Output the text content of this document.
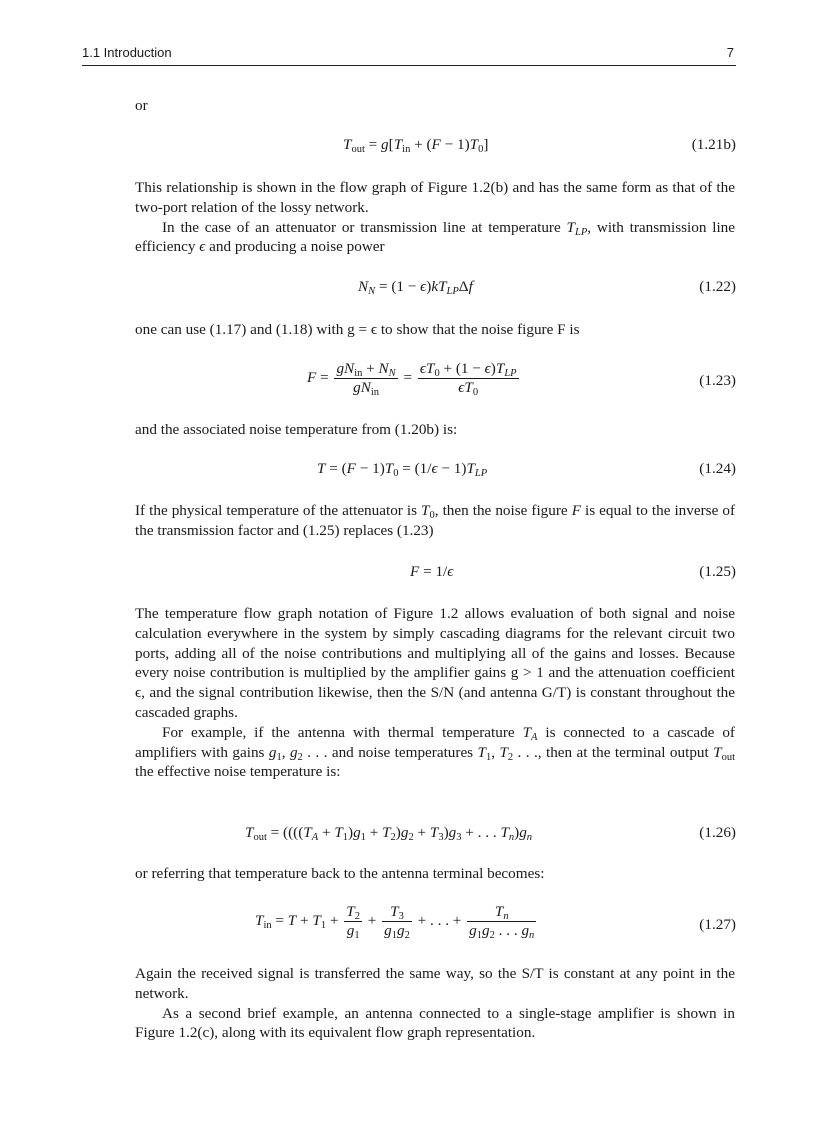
1.1 Introduction	7

or

$T_{out} = g[T_{in} + (F - 1)T_0]$	(1.21b)

This relationship is shown in the flow graph of Figure 1.2(b) and has the same form as that of the two-port relation of the lossy network.

In the case of an attenuator or transmission line at temperature $T_{LP}$, with transmission line efficiency ϵ and producing a noise power

$N_N = (1 - \epsilon)kT_{LP}\Delta f$	(1.22)

one can use (1.17) and (1.18) with g = ϵ to show that the noise figure F is

$F = \frac{gN_{in} + N_N}{gN_{in}} = \frac{\epsilon T_0 + (1 - \epsilon)T_{LP}}{\epsilon T_0}$	(1.23)

and the associated noise temperature from (1.20b) is:

$T = (F - 1)T_0 = (1/\epsilon - 1)T_{LP}$	(1.24)

If the physical temperature of the attenuator is $T_0$, then the noise figure F is equal to the inverse of the transmission factor and (1.25) replaces (1.23)

F = 1/ϵ	(1.25)

The temperature flow graph notation of Figure 1.2 allows evaluation of both signal and noise calculation everywhere in the system by simply cascading diagrams for the relevant circuit two ports, adding all of the noise contributions and multiplying all of the gains and losses. Because every noise contribution is multiplied by the amplifier gains g > 1 and the attenuation coefficient ϵ, and the signal contribution likewise, then the S/N (and antenna G/T) is constant throughout the cascaded graphs.

For example, if the antenna with thermal temperature $T_A$ is connected to a cascade of amplifiers with gains $g_1$, $g_2$ . . . and noise temperatures $T_1$, $T_2$ . . ., then at the terminal output $T_{out}$ the effective noise temperature is:

$T_{out} = ((((T_A + T_1)g_1 + T_2)g_2 + T_3)g_3$ + . . . $T_n)g_n$	(1.26)

or referring that temperature back to the antenna terminal becomes:

$T_{in} = T + T_1 + \frac{T_2}{g_1} + \frac{T_3}{g_1g_2}$ + . . . + $\frac{T_n}{g_1g_2 . . . g_n}$	(1.27)

Again the received signal is transferred the same way, so the S/T is constant at any point in the network.

As a second brief example, an antenna connected to a single-stage amplifier is shown in Figure 1.2(c), along with its equivalent flow graph representation.
